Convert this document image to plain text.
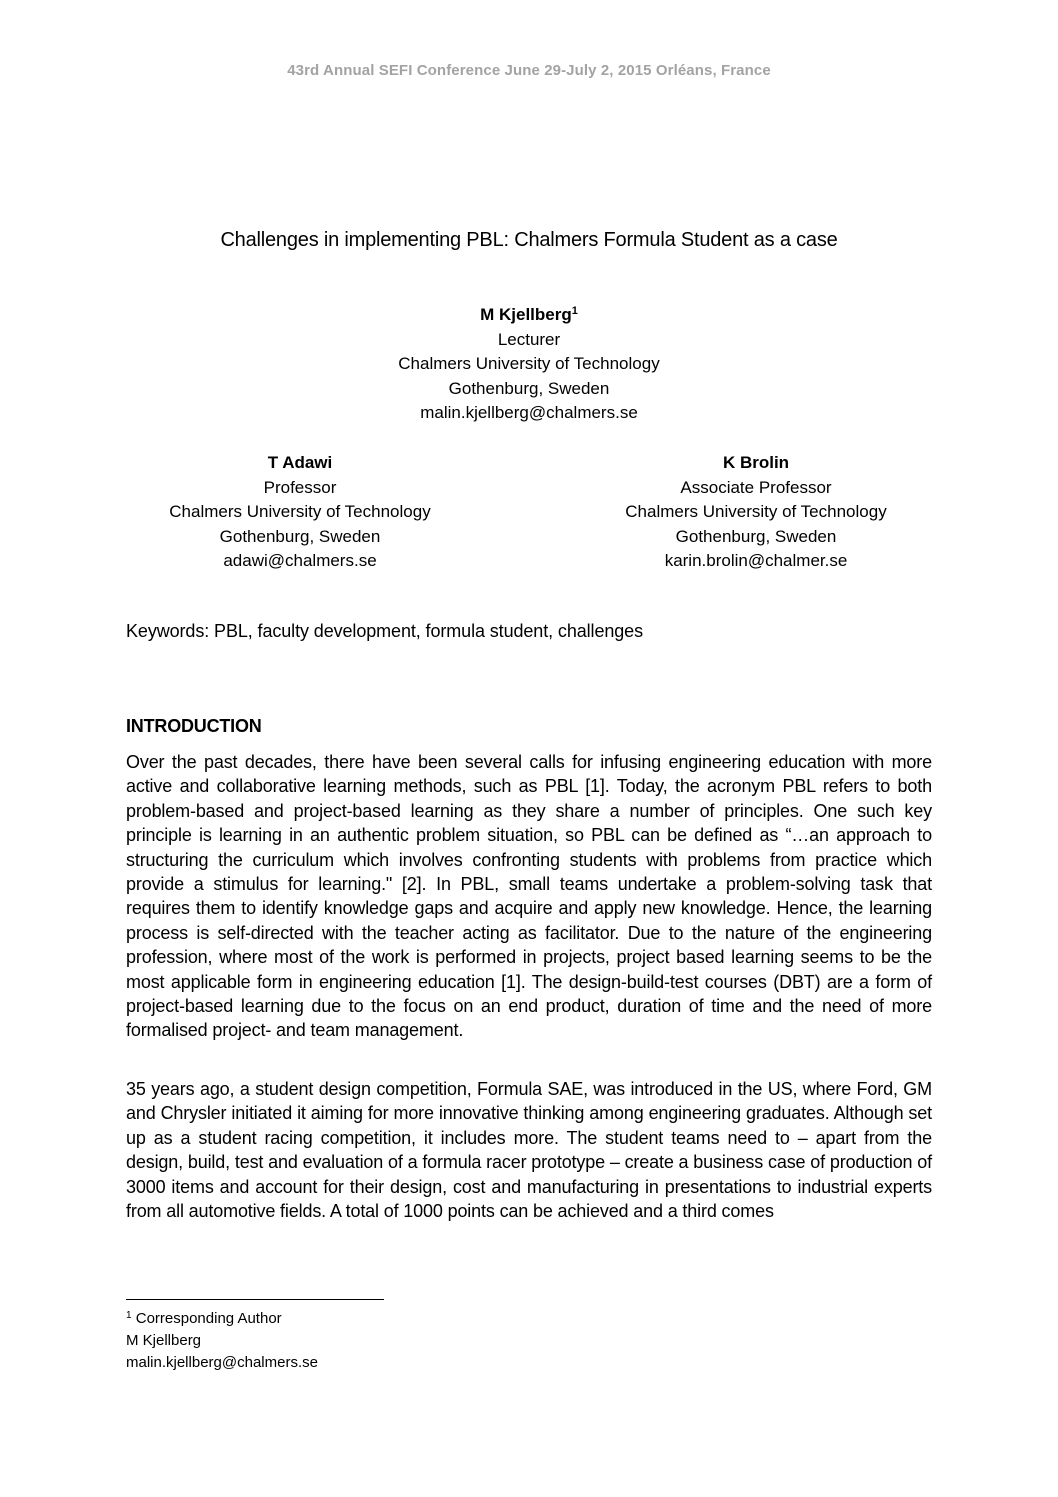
43rd Annual SEFI Conference June 29-July 2, 2015 Orléans, France
Challenges in implementing PBL: Chalmers Formula Student as a case
M Kjellberg$^1$
Lecturer
Chalmers University of Technology
Gothenburg, Sweden
malin.kjellberg@chalmers.se
T Adawi
Professor
Chalmers University of Technology
Gothenburg, Sweden
adawi@chalmers.se
K Brolin
Associate Professor
Chalmers University of Technology
Gothenburg, Sweden
karin.brolin@chalmer.se
Keywords: PBL, faculty development, formula student, challenges
INTRODUCTION

Over the past decades, there have been several calls for infusing engineering education with more active and collaborative learning methods, such as PBL [1]. Today, the acronym PBL refers to both problem-based and project-based learning as they share a number of principles. One such key principle is learning in an authentic problem situation, so PBL can be defined as “…an approach to structuring the curriculum which involves confronting students with problems from practice which provide a stimulus for learning." [2]. In PBL, small teams undertake a problem-solving task that requires them to identify knowledge gaps and acquire and apply new knowledge. Hence, the learning process is self-directed with the teacher acting as facilitator. Due to the nature of the engineering profession, where most of the work is performed in projects, project based learning seems to be the most applicable form in engineering education [1]. The design-build-test courses (DBT) are a form of project-based learning due to the focus on an end product, duration of time and the need of more formalised project- and team management.

35 years ago, a student design competition, Formula SAE, was introduced in the US, where Ford, GM and Chrysler initiated it aiming for more innovative thinking among engineering graduates. Although set up as a student racing competition, it includes more. The student teams need to – apart from the design, build, test and evaluation of a formula racer prototype – create a business case of production of 3000 items and account for their design, cost and manufacturing in presentations to industrial experts from all automotive fields. A total of 1000 points can be achieved and a third comes

$^1$ Corresponding Author
M Kjellberg
malin.kjellberg@chalmers.se
